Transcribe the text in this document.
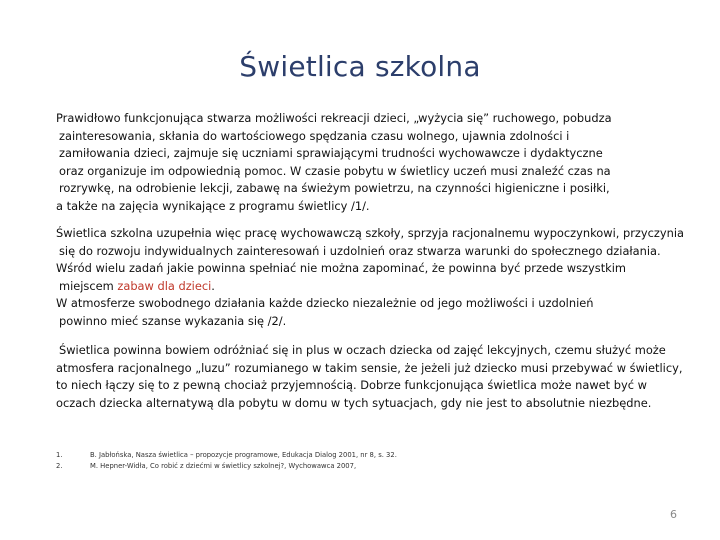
Świetlica szkolna
Prawidłowo funkcjonująca stwarza możliwości rekreacji dzieci, „wyżycia się” ruchowego, pobudza
zainteresowania, skłania do wartościowego spędzania czasu wolnego, ujawnia zdolności i
zamiłowania dzieci, zajmuje się uczniami sprawiającymi trudności wychowawcze i dydaktyczne
oraz organizuje im odpowiednią pomoc. W czasie pobytu w świetlicy uczeń musi znaleźć czas na
rozrywkę, na odrobienie lekcji, zabawę na świeżym powietrzu, na czynności higieniczne i posiłki,
a także na zajęcia wynikające z programu świetlicy /1/.
Świetlica szkolna uzupełnia więc pracę wychowawczą szkoły, sprzyja racjonalnemu wypoczynkowi, przyczynia
się do rozwoju indywidualnych zainteresowań i uzdolnień oraz stwarza warunki do społecznego działania.
Wśród wielu zadań jakie powinna spełniać nie można zapominać, że powinna być przede wszystkim
miejscem zabaw dla dzieci.
W atmosferze swobodnego działania każde dziecko niezależnie od jego możliwości i uzdolnień
powinno mieć szanse wykazania się /2/.
Świetlica powinna bowiem odróżniać się in plus w oczach dziecka od zajęć lekcyjnych, czemu służyć może
atmosfera racjonalnego „luzu” rozumianego w takim sensie, że jeżeli już dziecko musi przebywać w świetlicy,
to niech łączy się to z pewną chociaż przyjemnością. Dobrze funkcjonująca świetlica może nawet być w
oczach dziecka alternatywą dla pobytu w domu w tych sytuacjach, gdy nie jest to absolutnie niezbędne.
1.	B. Jabłońska, Nasza świetlica – propozycje programowe, Edukacja Dialog 2001, nr 8, s. 32.
2.	M. Hepner-Widła, Co robić z dziećmi w świetlicy szkolnej?, Wychowawca 2007,
6
